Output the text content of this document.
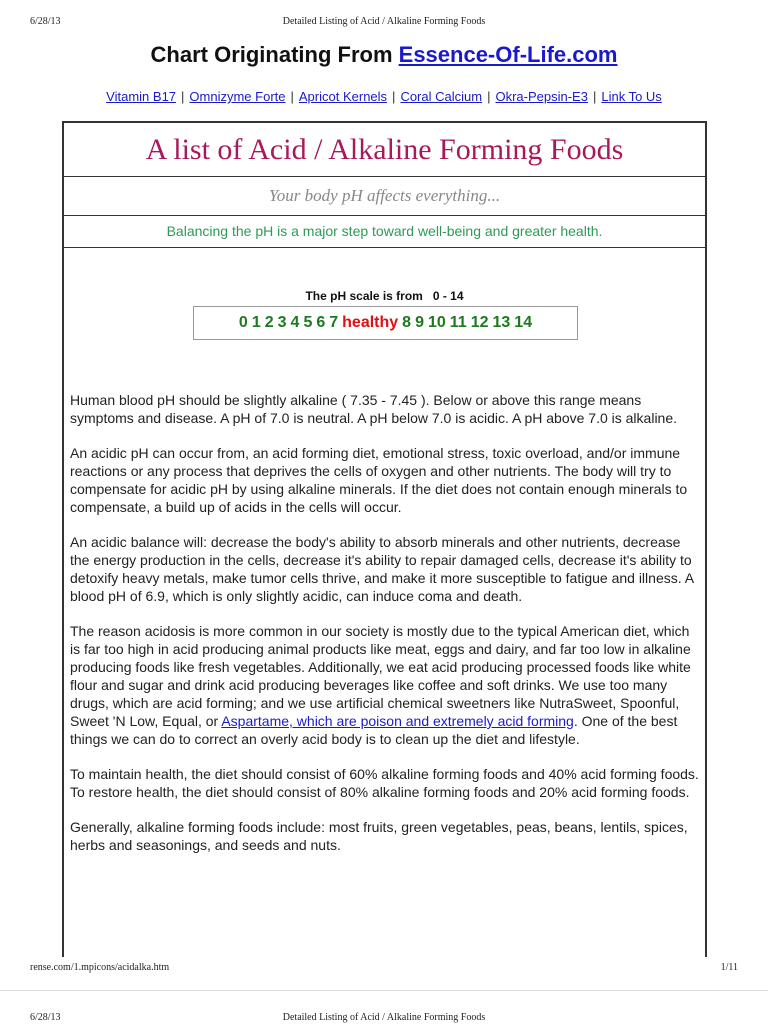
6/28/13	Detailed Listing of Acid / Alkaline Forming Foods
Chart Originating From Essence-Of-Life.com
Vitamin B17 | Omnizyme Forte | Apricot Kernels | Coral Calcium | Okra-Pepsin-E3 | Link To Us
A list of Acid / Alkaline Forming Foods
Your body pH affects everything...
Balancing the pH is a major step toward well-being and greater health.
The pH scale is from   0 - 14
0 1 2 3 4 5 6 7 healthy 8 9 10 11 12 13 14

Human blood pH should be slightly alkaline ( 7.35 - 7.45 ). Below or above this range means symptoms and disease. A pH of 7.0 is neutral. A pH below 7.0 is acidic. A pH above 7.0 is alkaline.

An acidic pH can occur from, an acid forming diet, emotional stress, toxic overload, and/or immune reactions or any process that deprives the cells of oxygen and other nutrients. The body will try to compensate for acidic pH by using alkaline minerals. If the diet does not contain enough minerals to compensate, a build up of acids in the cells will occur.

An acidic balance will: decrease the body's ability to absorb minerals and other nutrients, decrease the energy production in the cells, decrease it's ability to repair damaged cells, decrease it's ability to detoxify heavy metals, make tumor cells thrive, and make it more susceptible to fatigue and illness. A blood pH of 6.9, which is only slightly acidic, can induce coma and death.

The reason acidosis is more common in our society is mostly due to the typical American diet, which is far too high in acid producing animal products like meat, eggs and dairy, and far too low in alkaline producing foods like fresh vegetables. Additionally, we eat acid producing processed foods like white flour and sugar and drink acid producing beverages like coffee and soft drinks. We use too many drugs, which are acid forming; and we use artificial chemical sweetners like NutraSweet, Spoonful, Sweet 'N Low, Equal, or Aspartame, which are poison and extremely acid forming. One of the best things we can do to correct an overly acid body is to clean up the diet and lifestyle.

To maintain health, the diet should consist of 60% alkaline forming foods and 40% acid forming foods. To restore health, the diet should consist of 80% alkaline forming foods and 20% acid forming foods.

Generally, alkaline forming foods include: most fruits, green vegetables, peas, beans, lentils, spices, herbs and seasonings, and seeds and nuts.

rense.com/1.mpicons/acidalka.htm	1/11
6/28/13	Detailed Listing of Acid / Alkaline Forming Foods
